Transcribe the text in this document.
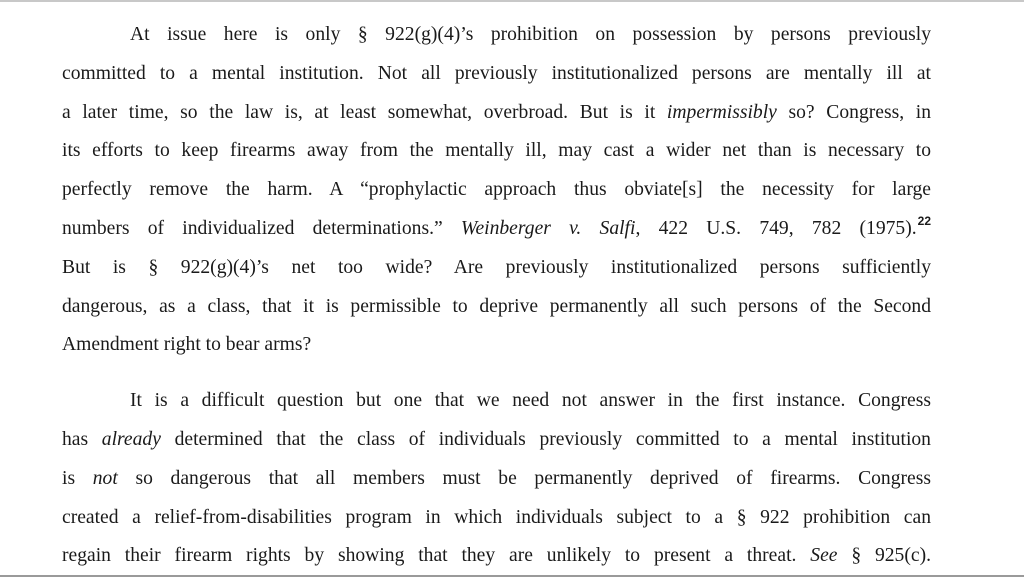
At issue here is only § 922(g)(4)’s prohibition on possession by persons previously
committed to a mental institution. Not all previously institutionalized persons are mentally ill at
a later time, so the law is, at least somewhat, overbroad. But is it impermissibly so? Congress, in
its efforts to keep firearms away from the mentally ill, may cast a wider net than is necessary to
perfectly remove the harm. A “prophylactic approach thus obviate[s] the necessity for large
numbers of individualized determinations.” Weinberger v. Salfi, 422 U.S. 749, 782 (1975).$^{22}$
But is § 922(g)(4)’s net too wide? Are previously institutionalized persons sufficiently
dangerous, as a class, that it is permissible to deprive permanently all such persons of the Second
Amendment right to bear arms?
It is a difficult question but one that we need not answer in the first instance. Congress
has already determined that the class of individuals previously committed to a mental institution
is not so dangerous that all members must be permanently deprived of firearms. Congress
created a relief-from-disabilities program in which individuals subject to a § 922 prohibition can
regain their firearm rights by showing that they are unlikely to present a threat. See § 925(c).
